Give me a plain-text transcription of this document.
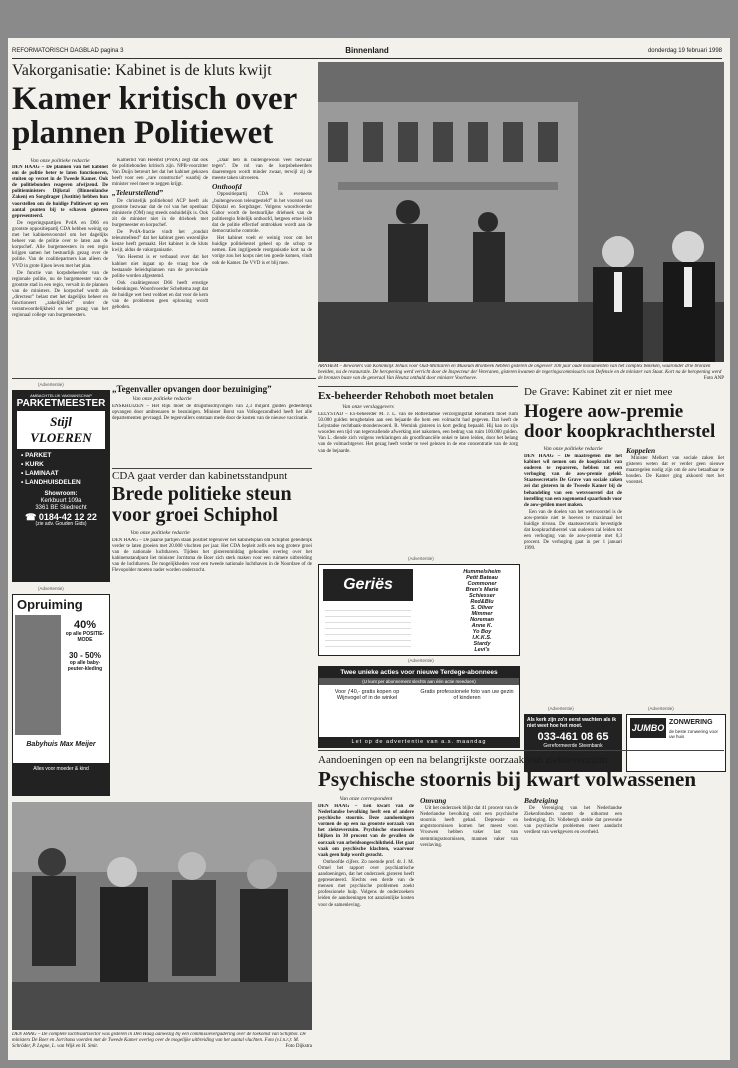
REFORMATORISCH DAGBLAD pagina 3	Binnenland	donderdag 19 februari 1998
Vakorganisatie: Kabinet is de kluts kwijt
Kamer kritisch over plannen Politiewet
Van onze politieke redactie

DEN HAAG – De plannen van het kabinet om de politie beter te laten functioneren, stuiten op verzet in de Tweede Kamer. Ook de politiebonden reageren afwijzend. De politieministers Dijkstal (Binnenlandse Zaken) en Sorgdrager (Justitie) hebben hun voorstellen om de huidige Politiewet op een aantal punten bij te schaven gisteren gepresenteerd.

De regeringspartijen PvdA en D66 en grootste oppositiepartij CDA hebben weinig op met het kabinetsvoorstel om het dagelijks beheer van de politie over te laten aan de korpschef. Alle burgemeesters in een regio krijgen samen het bestuurlijk gezag over de politie. Van de coalitiepartners kan alleen de VVD in grote lijnen leven met het plan.

De functie van korpsbeheerder van de regionale politie, nu de burgemeester van de grootste stad in een regio, vervalt in de plannen van de ministers. De korpschef wordt als „directeur” belast met het dagelijks beheer en functioneert „zakelijkheid” onder de verantwoordelijkheid en het gezag van het regionaal college van burgemeesters.

Kamerlid Van Heemst (PvdA) zegt dat ook de politiebonden kritisch zijn. NPB-voorzitter Van Duijn betreurt het dat het kabinet gekozen heeft voor een „rare constructie” waarbij de minister veel meer te zeggen krijgt.

„Teleurstellend”

De christelijk politiebond ACP heeft als grootste bezwaar dat de rol van het openbaar ministerie (OM) nog steeds onduidelijk is. Ook zit de minister niet in de driehoek met burgemeester en korpschef.

De PvdA-fractie vindt het „ronduit teleurstellend” dat het kabinet geen wezenlijke keuze heeft gemaakt. Het kabinet is de kluts kwijt, aldus de vakorganisatie.

Van Heemst is er verbaasd over dat het kabinet niet ingaat op de vraag hoe de bestaande beleidsplannen van de provinciale politie worden afgestemd.

Ook coalitiegenoot D66 heeft ernstige bedenkingen. Woordvoerder Scheltema zegt dat de huidige wet best voldoet en dat voor de kern van de problemen geen oplossing wordt geboden.

„Daar heb ik buitengewoon veel bezwaar tegen”. De rol van de korpsbeheerders daarentegen wordt minder zwaar, terwijl zij de meeste taken uitvoeren.

Onthoofd

Oppositiepartij CDA is eveneens „buitengewoon teleurgesteld” in het voorstel van Dijkstal en Sorgdrager. Volgens woordvoerder Gabor wordt de bestuurlijke driehoek van de politieregio feitelijk onthoofd, hetgeen ertoe leidt dat de politie effectief onttrokken wordt aan de democratische controle.

Het kabinet voelt er weinig voor om het huidige politiebestel geheel op de schop te nemen. Een ingrijpende reorganisatie kort na de vorige zou het korps niet ten goede komen, vindt ook de Kamer. De VVD is er blij mee.

ARNHEM – Bewoners van Koninklijk Tehuis voor Oud-Militairen en Museum Bronbeek hebben gisteren de ongeveer 100 jaar oude monumenten van het complex bekeken, waaronder drie bronzen beelden, na de restauratie. De heropening werd verricht door de Inspecteur der Veteranen, gisteren kwamen de regeringscommissaris van Defensie en de minister van Staat. Kort na de heropening werd de bronzen buste van de generaal Van Heutsz onthuld door minister Voorhoeve.	Foto ANP
(Advertentie)
AMBACHTELIJK VAKMANSCHAP
PARKETMEESTER
Stijl VLOEREN
• PARKET
• KURK
• LAMINAAT
• LANDHUISDELEN
Showroom:
Kerkbuurt 109a
3361 BE Sliedrecht
☎ 0184-42 12 22
(zie adv. Gouden Gids)
(Advertentie)
Opruiming
40%
op alle POSITIE-MODE
30 - 50%
op alle baby-peuter-kleding
Babyhuis Max Meijer
Alles voor moeder & kind
„Tegenvaller opvangen door bezuiniging”
Van onze politieke redactie

ENSKHUIZEN – Het Rijk moet de drugsmisdrijvingen van 2,3 miljard gulden gedeeltelijk opvangen door ambtenaren te bezuinigen. Minister Borst van Volksgezondheid heeft het alle departementen gevraagd. De tegenvallers ontstaan mede door de kosten van de nieuwe vaccinatie.

CDA gaat verder dan kabinetsstandpunt
Brede politieke steun voor groei Schiphol
Van onze politieke redactie

DEN HAAG – De paarse partijen staan positief tegenover het kabinetsplan om Schiphol geleidelijk verder te laten groeien met 20.000 vluchten per jaar. Het CDA bepleit zelfs een nog grotere groei van de nationale luchthaven. Tijdens het gisterenmiddag gehouden overleg over het kabinetsstandpunt liet minister Jorritsma de Boer zich sterk maken voor een ruimere uitbreiding van de luchthaven. De mogelijkheden voor een tweede nationale luchthaven in de Noordzee of de Flevopolder moeten nader worden onderzocht.

Ex-beheerder Rehoboth moet betalen
Van onze verslaggevers

LELYSTAD – Ex-beheerder M. J. L. van de Rotterdamse verzorgingsflat Rehoboth moet ruim 50.000 gulden terugbetalen aan een bejaarde die hem een volmacht had gegeven. Dat heeft de Lelystadse rechtbank-mondenwoerd. R. Wemink gisteren in kort geding bepaald. Hij kan zo zijn woorden een tijd van tegenvallende afwerking niet nakomen, een bedrag van ruim 100.000 gulden. Van L. diende zich volgens verklaringen als grootfinanciële onkel te laten leiden, door het belang van de volmachtgever. Het gezag heeft verder te veel gelezen in de ene concentratie van de zorg van de bejaarde.

(Advertentie)
Geriës
Hummelsheim
Petit Bateau
Commoner
Bren's Marie
Schiesser
Red&Blu
S. Oliver
Mimmer
Noreman
Anne K.
Yo Boy
I.K.K.S.
Stardy
Levi's
(Advertentie)
Twee unieke acties voor nieuwe Terdege-abonnees
(U kunt per abonnement slechts aan één actie meedoen)
Voor ƒ40,- gratis kopen op Wijnvogel of in de winkel
Gratis professionele foto van uw gezin of kinderen
Let op de advertentie van a.s. maandag
De Grave: Kabinet zit er niet mee
Hogere aow-premie door koopkrachtherstel
Van onze politieke redactie

DEN HAAG – De maatregelen die het kabinet wil nemen om de koopkracht van ouderen te repareren, hebben tot een verhoging van de aow-premie geleid. Staatssecretaris De Grave van sociale zaken zei dat gisteren in de Tweede Kamer bij de behandeling van een wetsvoorstel dat de instelling van een zogenoemd spaarfonds voor de aow-gelden moet maken.

Een van de doelen van het wetsvoorstel is de aow-premie niet te hoeven te maximaal het huidige niveau. De staatssecretaris bevestigde dat koopkrachtherstel van ouderen zal leiden tot een verhoging van de aow-premie met 0,3 procent. De verhoging gaat in per 1 januari 1999.

Koppelen

Minister Melkert van sociale zaken liet gisteren weten dat er verder geen nieuwe maatregelen nodig zijn om de aow betaalbaar te houden. De Kamer ging akkoord met het voorstel.

(Advertentie)
Als kerk zijn zo'n eerst wachten als ik niet weet hoe het moet.
033-461 08 65
Gereformeerde Steenbank
(Advertentie)
JUMBO
ZONWERING
de beste zonwering voor uw huis
Aandoeningen op een na belangrijkste oorzaak van ziekteverzuim
Psychische stoornis bij kwart volwassenen
Van onze correspondent

DEN HAAG – Een kwart van de Nederlandse bevolking heeft een of andere psychische stoornis. Deze aandoeningen vormen de op een na grootste oorzaak van het ziekteverzuim. Psychische stoornissen blijken in 30 procent van de gevallen de oorzaak van arbeidsongeschiktheid. Het gaat vaak om psychische klachten, waarvoor vaak geen hulp wordt gezocht.

Onthoofde cijfers. Zo noemde prof. dr. J. M. Ormel het rapport over psychiatrische aandoeningen, dat het onderzoek gisteren heeft gepresenteerd. Slechts een derde van de mensen met psychische problemen zoekt professionele hulp. Volgens de onderzoekers leiden de aandoeningen tot aanzienlijke kosten voor de samenleving.

Omvang

Uit het onderzoek blijkt dat 41 procent van de Nederlandse bevolking ooit een psychische stoornis heeft gehad. Depressie en angststoornissen komen het meest voor. Vrouwen hebben vaker last van stemmingsstoornissen, mannen vaker van verslaving.

Bedreiging

De Vereniging van het Nederlandse Ziekenfondsen noemt de uitkomst een bedreiging. Dr. Vollebergh stelde dat preventie van psychische problemen meer aandacht verdient van werkgevers en overheid.

DEN HAAG – De complete luchtvaartsector was gisteren in Den Haag aanwezig bij een commissievergadering over de toekomst van Schiphol. De ministers De Boer en Jorritsma voerden met de Tweede Kamer overleg over de mogelijke uitbreiding van het aantal vluchten. Foto (v.l.n.r.): M. Schröder, P. Legne, L. van Wijk en H. Smit.	Foto Dijkstra
